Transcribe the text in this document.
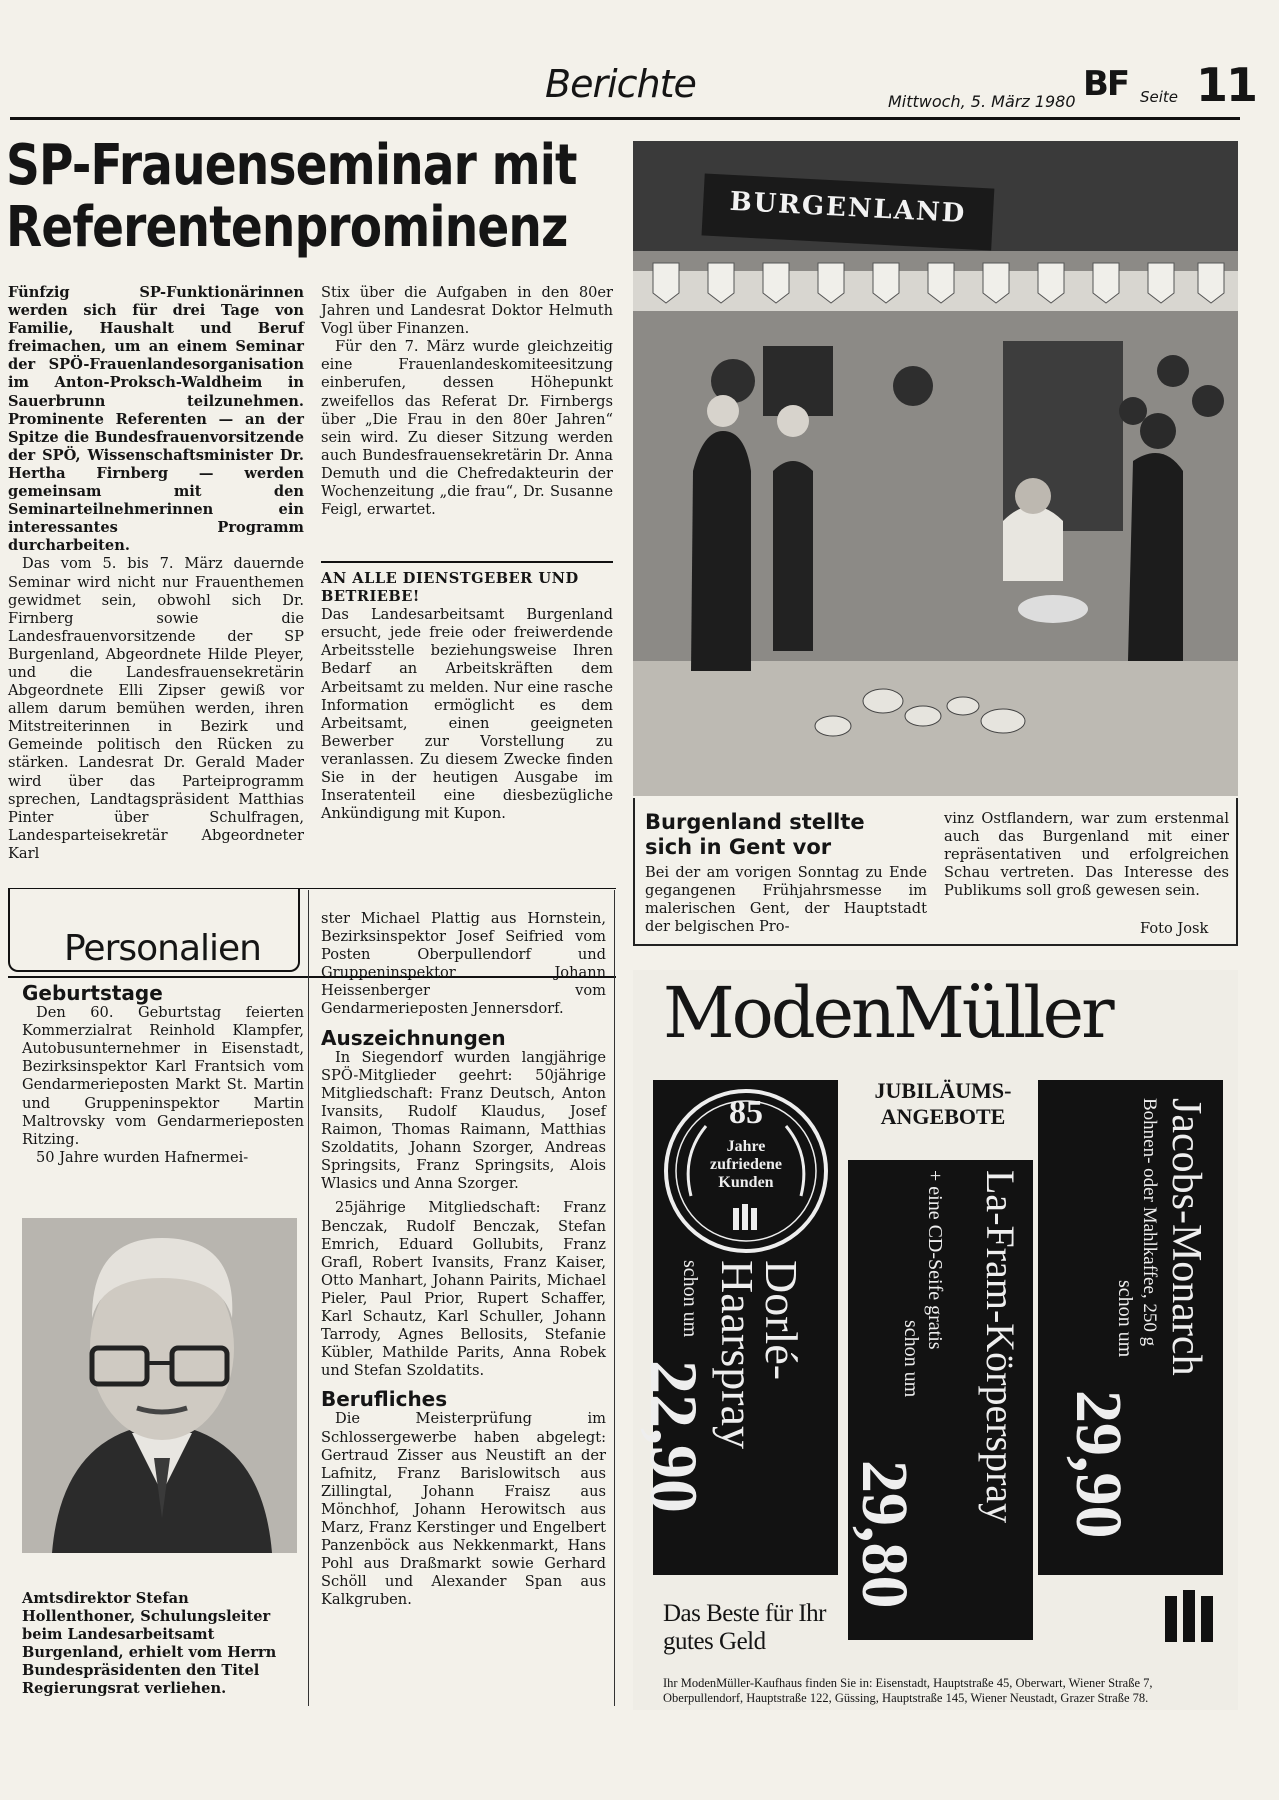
Berichte	Mittwoch, 5. März 1980 BF Seite 11
SP-Frauenseminar mit
Referentenprominenz

Fünfzig SP-Funktionärinnen werden sich für drei Tage von Familie, Haushalt und Beruf freimachen, um an einem Seminar der SPÖ-Frauenlandesorganisation im Anton-Proksch-Waldheim in Sauerbrunn teilzunehmen. Prominente Referenten — an der Spitze die Bundesfrauenvorsitzende der SPÖ, Wissenschaftsminister Dr. Hertha Firnberg — werden gemeinsam mit den Seminarteilnehmerinnen ein interessantes Programm durcharbeiten.

Das vom 5. bis 7. März dauernde Seminar wird nicht nur Frauenthemen gewidmet sein, obwohl sich Dr. Firnberg sowie die Landesfrauenvorsitzende der SP Burgenland, Abgeordnete Hilde Pleyer, und die Landesfrauensekretärin Abgeordnete Elli Zipser gewiß vor allem darum bemühen werden, ihren Mitstreiterinnen in Bezirk und Gemeinde politisch den Rücken zu stärken. Landesrat Dr. Gerald Mader wird über das Parteiprogramm sprechen, Landtagspräsident Matthias Pinter über Schulfragen, Landesparteisekretär Abgeordneter Karl

Stix über die Aufgaben in den 80er Jahren und Landesrat Doktor Helmuth Vogl über Finanzen.

Für den 7. März wurde gleichzeitig eine Frauenlandeskomiteesitzung einberufen, dessen Höhepunkt zweifellos das Referat Dr. Firnbergs über „Die Frau in den 80er Jahren“ sein wird. Zu dieser Sitzung werden auch Bundesfrauensekretärin Dr. Anna Demuth und die Chefredakteurin der Wochenzeitung „die frau“, Dr. Susanne Feigl, erwartet.

AN ALLE DIENSTGEBER UND BETRIEBE!

Das Landesarbeitsamt Burgenland ersucht, jede freie oder freiwerdende Arbeitsstelle beziehungsweise Ihren Bedarf an Arbeitskräften dem Arbeitsamt zu melden. Nur eine rasche Information ermöglicht es dem Arbeitsamt, einen geeigneten Bewerber zur Vorstellung zu veranlassen. Zu diesem Zwecke finden Sie in der heutigen Ausgabe im Inseratenteil eine diesbezügliche Ankündigung mit Kupon.

BURGENLAND
Burgenland stellte sich in Gent vor
Bei der am vorigen Sonntag zu Ende gegangenen Frühjahrsmesse im malerischen Gent, der Hauptstadt der belgischen Pro-
vinz Ostflandern, war zum erstenmal auch das Burgenland mit einer repräsentativen und erfolgreichen Schau vertreten. Das Interesse des Publikums soll groß gewesen sein.
Foto Josk
Personalien
Geburtstage

Den 60. Geburtstag feierten Kommerzialrat Reinhold Klampfer, Autobusunternehmer in Eisenstadt, Bezirksinspektor Karl Frantsich vom Gendarmerieposten Markt St. Martin und Gruppeninspektor Martin Maltrovsky vom Gendarmerieposten Ritzing.

50 Jahre wurden Hafnermei-

Amtsdirektor Stefan Hollenthoner, Schulungsleiter beim Landesarbeitsamt Burgenland, erhielt vom Herrn Bundespräsidenten den Titel Regierungsrat verliehen.

ster Michael Plattig aus Hornstein, Bezirksinspektor Josef Seifried vom Posten Oberpullendorf und Gruppeninspektor Johann Heissenberger vom Gendarmerieposten Jennersdorf.

Auszeichnungen

In Siegendorf wurden langjährige SPÖ-Mitglieder geehrt: 50jährige Mitgliedschaft: Franz Deutsch, Anton Ivansits, Rudolf Klaudus, Josef Raimon, Thomas Raimann, Matthias Szoldatits, Johann Szorger, Andreas Springsits, Franz Springsits, Alois Wlasics und Anna Szorger.

25jährige Mitgliedschaft: Franz Benczak, Rudolf Benczak, Stefan Emrich, Eduard Gollubits, Franz Grafl, Robert Ivansits, Franz Kaiser, Otto Manhart, Johann Pairits, Michael Pieler, Paul Prior, Rupert Schaffer, Karl Schautz, Karl Schuller, Johann Tarrody, Agnes Bellosits, Stefanie Kübler, Mathilde Parits, Anna Robek und Stefan Szoldatits.

Berufliches

Die Meisterprüfung im Schlossergewerbe haben abgelegt: Gertraud Zisser aus Neustift an der Lafnitz, Franz Barislowitsch aus Zillingtal, Johann Fraisz aus Mönchhof, Johann Herowitsch aus Marz, Franz Kerstinger und Engelbert Panzenböck aus Nekkenmarkt, Hans Pohl aus Draßmarkt sowie Gerhard Schöll und Alexander Span aus Kalkgruben.

ModenMüller
85
Jahre zufriedene Kunden
Dorlé-Haarspray
schon um
22,90
JUBILÄUMS-ANGEBOTE
La-Fram-Körperspray
+ eine CD-Seife gratis
schon um
29,80
Jacobs-Monarch
Bohnen- oder Mahlkaffee, 250 g
schon um
29,90
Das Beste für Ihr gutes Geld
Ihr ModenMüller-Kaufhaus finden Sie in: Eisenstadt, Hauptstraße 45, Oberwart, Wiener Straße 7, Oberpullendorf, Hauptstraße 122, Güssing, Hauptstraße 145, Wiener Neustadt, Grazer Straße 78.
